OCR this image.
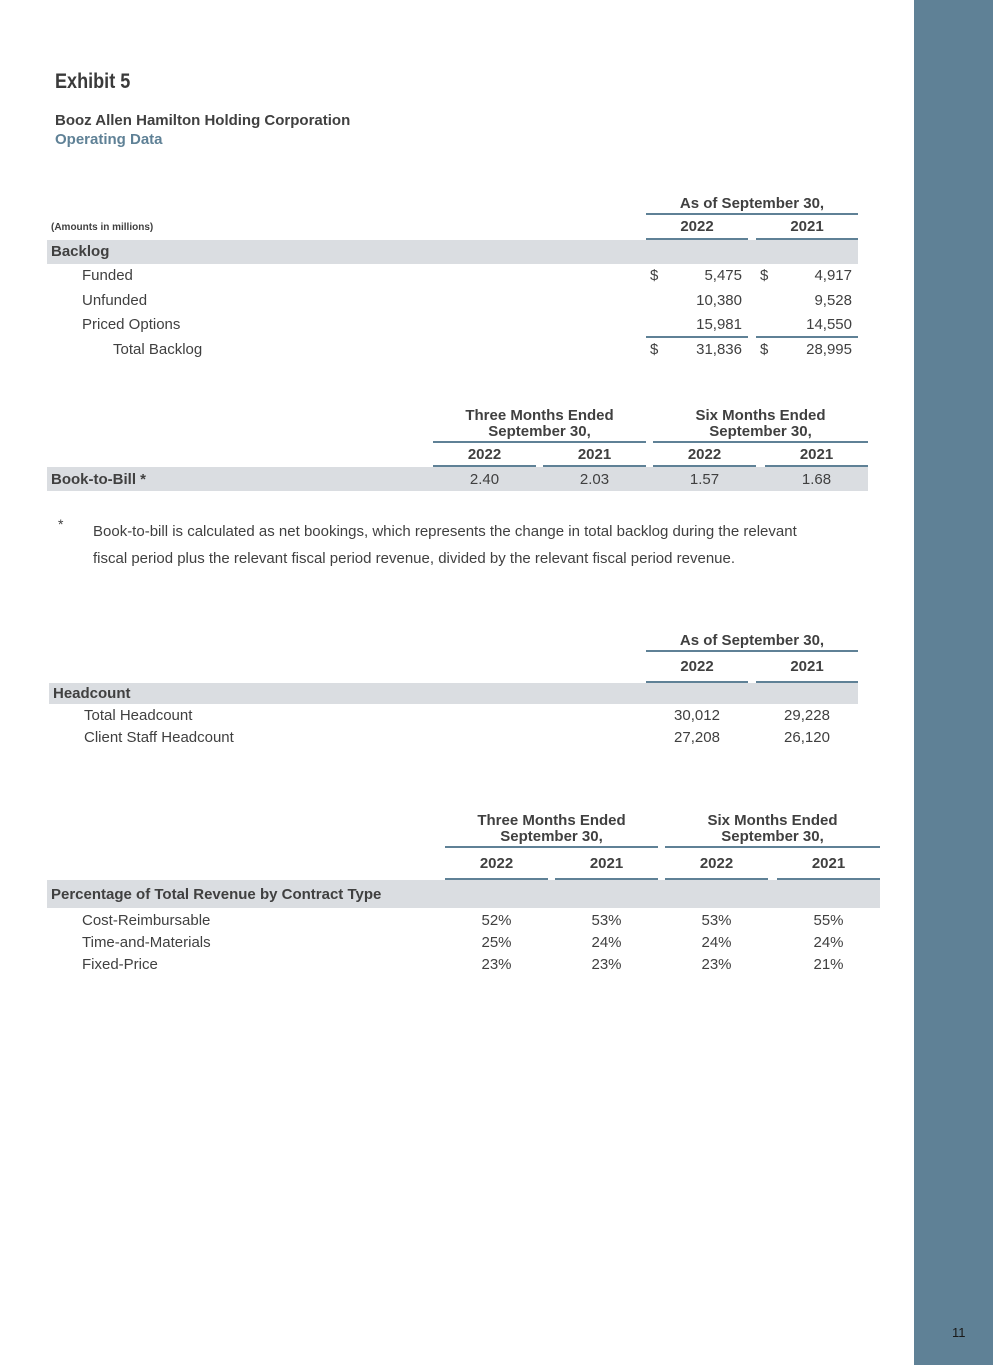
11
Exhibit 5
Booz Allen Hamilton Holding Corporation
Operating Data
As of September 30,
(Amounts in millions)	2022	2021
Backlog
Funded	$	5,475 $	4,917
Unfunded	10,380	9,528
Priced Options	15,981	14,550
Total Backlog	$	31,836 $	28,995
Three Months Ended
September 30,
Six Months Ended
September 30,
2022	2021	2022	2021
Book-to-Bill *	2.40	2.03	1.57	1.68
* Book-to-bill is calculated as net bookings, which represents the change in total backlog during the relevant
fiscal period plus the relevant fiscal period revenue, divided by the relevant fiscal period revenue.
As of September 30,
2022	2021
Headcount
Total Headcount	30,012	29,228
Client Staff Headcount	27,208	26,120
Three Months Ended
September 30,
Six Months Ended
September 30,
2022	2021	2022	2021
Percentage of Total Revenue by Contract Type
Cost-Reimbursable	52%	53%	53%	55%
Time-and-Materials	25%	24%	24%	24%
Fixed-Price	23%	23%	23%	21%
